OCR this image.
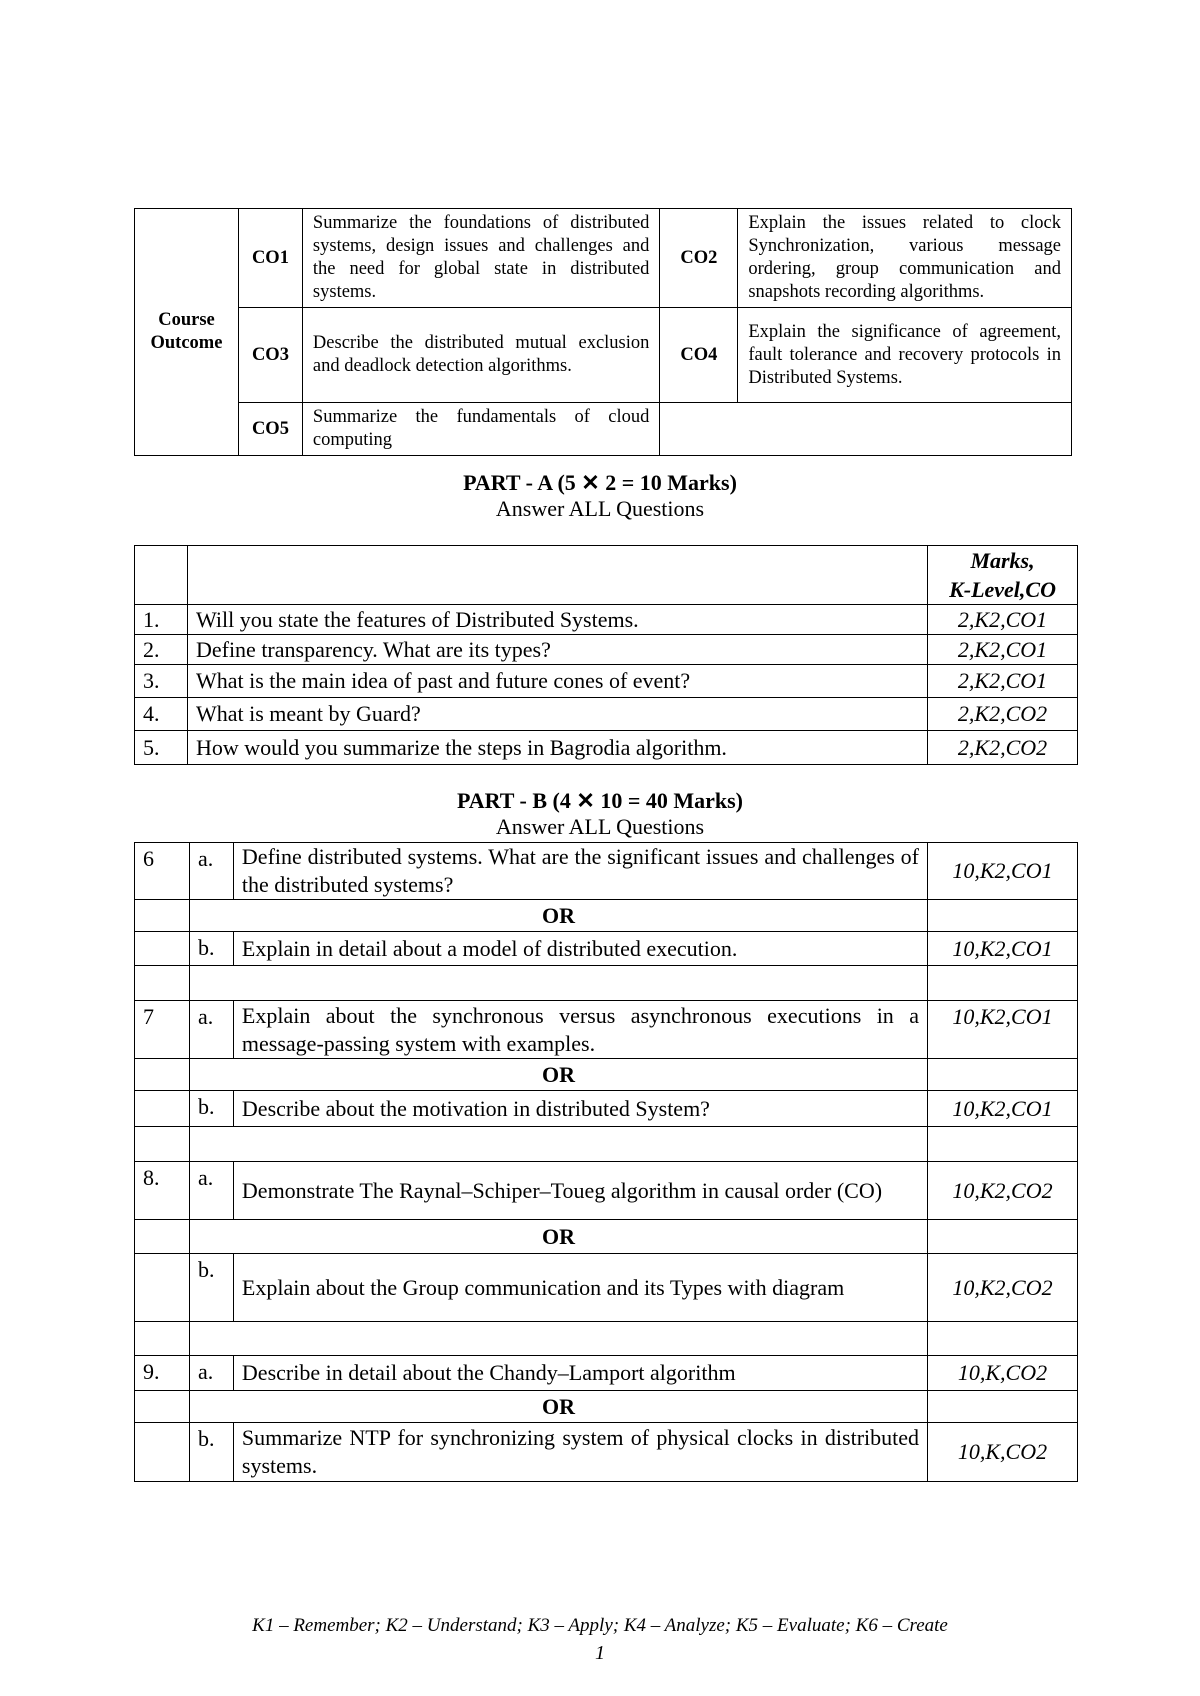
Course Outcome	CO1	Summarize the foundations of distributed systems, design issues and challenges and the need for global state in distributed systems.	CO2	Explain the issues related to clock Synchronization, various message ordering, group communication and snapshots recording algorithms.
	CO3	Describe the distributed mutual exclusion and deadlock detection algorithms.	CO4	Explain the significance of agreement, fault tolerance and recovery protocols in Distributed Systems.
	CO5	Summarize the fundamentals of cloud computing		
PART - A (5 ✕ 2 = 10 Marks)
Answer ALL Questions

		Marks,
K-Level,CO

1.	Will you state the features of Distributed Systems.	2,K2,CO1
2.	Define transparency. What are its types?	2,K2,CO1
3.	What is the main idea of past and future cones of event?	2,K2,CO1
4.	What is meant by Guard?	2,K2,CO2
5.	How would you summarize the steps in Bagrodia algorithm.	2,K2,CO2
PART - B (4 ✕ 10 = 40 Marks)
Answer ALL Questions
6	a.	Define distributed systems. What are the significant issues and challenges of the distributed systems?	10,K2,CO1
	OR		
	b.	Explain in detail about a model of distributed execution.	10,K2,CO1

7	a.	Explain about the synchronous versus asynchronous executions in a message-passing system with examples.	10,K2,CO1
	OR		
	b.	Describe about the motivation in distributed System?	10,K2,CO1

8.	a.	Demonstrate The Raynal–Schiper–Toueg algorithm in causal order (CO)	10,K2,CO2
	OR		
	b.	Explain about the Group communication and its Types with diagram	10,K2,CO2

9.	a.	Describe in detail about the Chandy–Lamport algorithm	10,K,CO2
	OR		
	b.	Summarize NTP for synchronizing system of physical clocks in distributed systems.	10,K,CO2
K1 – Remember; K2 – Understand; K3 – Apply; K4 – Analyze; K5 – Evaluate; K6 – Create
1
